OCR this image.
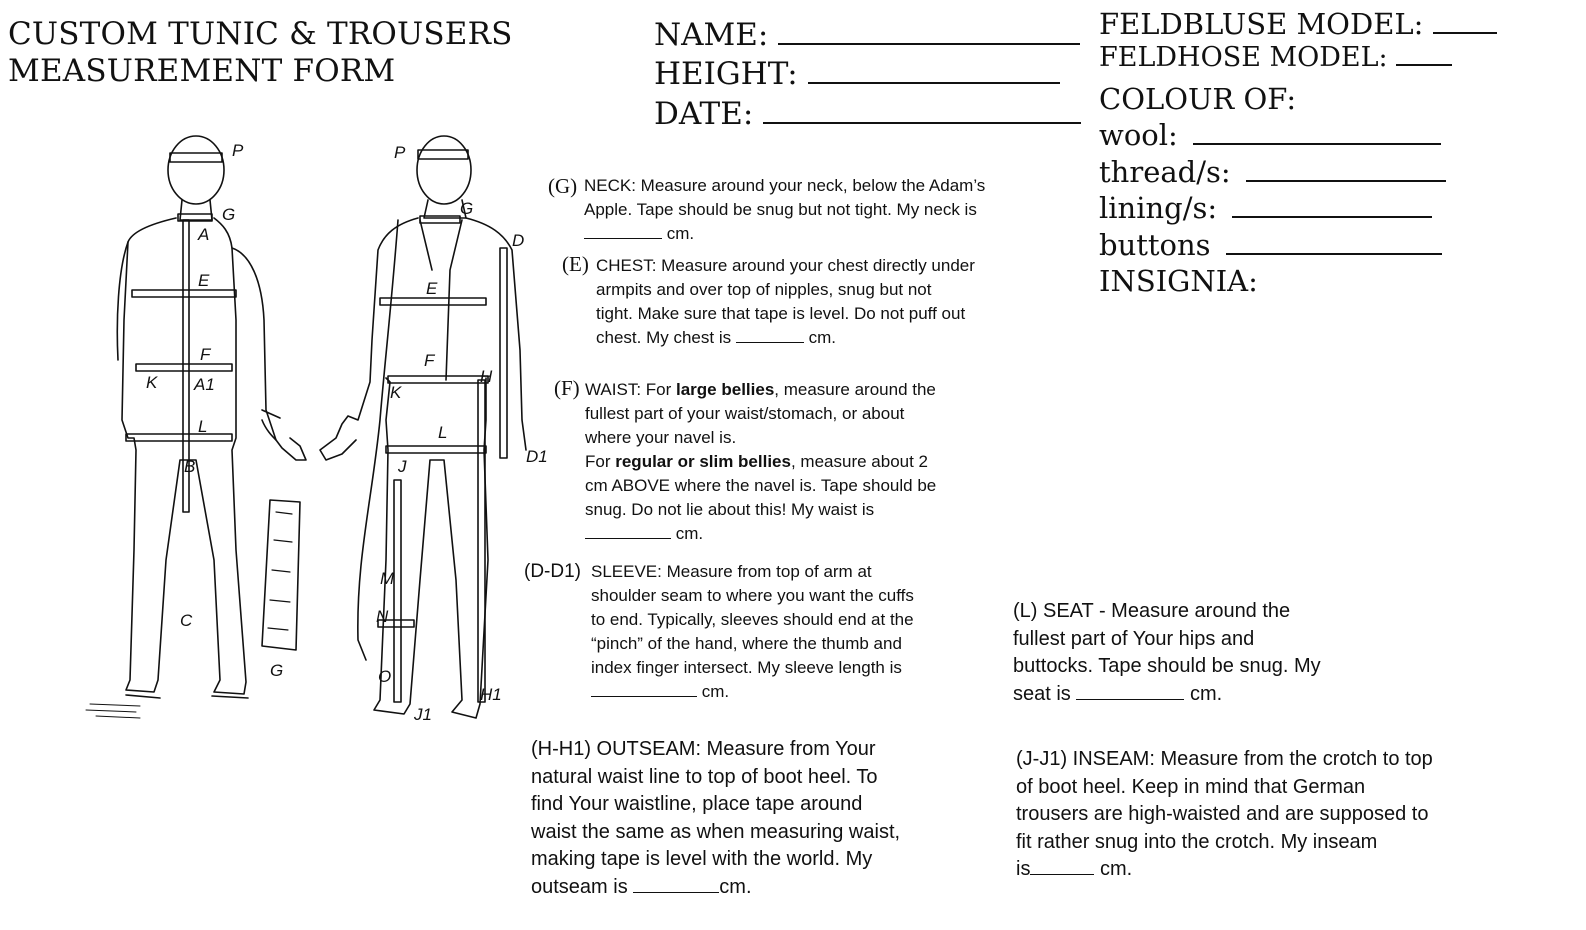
CUSTOM TUNIC & TROUSERS
MEASUREMENT FORM
NAME:
HEIGHT:
DATE:
FELDBLUSE MODEL:
FELDHOSE MODEL:
COLOUR OF:
wool:
thread/s:
lining/s:
buttons
INSIGNIA:
P
G
A
E
F
K A1
L
B
C
P
G
D
E
F
H
K
L
D1
J
M
N
O
H1
J1
G
(G) NECK: Measure around your neck, below the Adam’s

Apple. Tape should be snug but not tight. My neck is

cm.

(E) CHEST: Measure around your chest directly under

armpits and over top of nipples, snug but not

tight. Make sure that tape is level. Do not puff out

chest. My chest is	cm.

(F) WAIST: For large bellies, measure around the

fullest part of your waist/stomach, or about

where your navel is.

For regular or slim bellies, measure about 2

cm ABOVE where the navel is. Tape should be

snug. Do not lie about this! My waist is

cm.

(D-D1) SLEEVE: Measure from top of arm at

shoulder seam to where you want the cuffs

to end. Typically, sleeves should end at the

“pinch” of the hand, where the thumb and

index finger intersect. My sleeve length is

cm.

(L) SEAT - Measure around the
fullest part of Your hips and
buttocks. Tape should be snug. My
seat is	cm.
(H-H1) OUTSEAM: Measure from Your
natural waist line to top of boot heel. To
find Your waistline, place tape around
waist the same as when measuring waist,
making tape is level with the world. My
outseam is	cm.
(J-J1) INSEAM: Measure from the crotch to top
of boot heel. Keep in mind that German
trousers are high-waisted and are supposed to
fit rather snug into the crotch. My inseam
is	cm.
